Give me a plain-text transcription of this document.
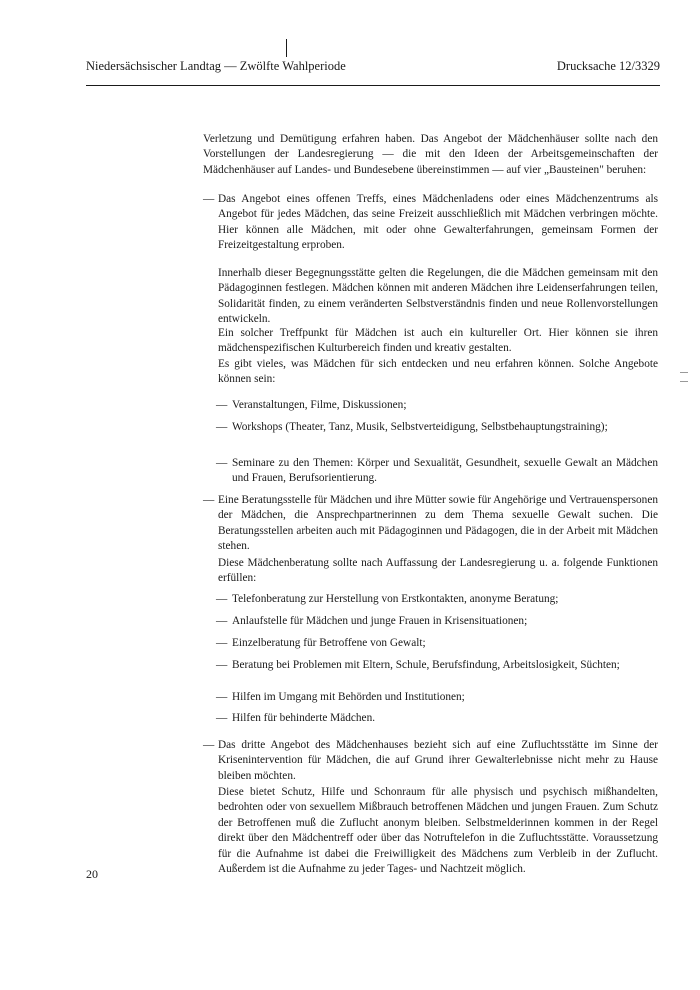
Niedersächsischer Landtag — Zwölfte Wahlperiode	Drucksache 12/3329
Verletzung und Demütigung erfahren haben. Das Angebot der Mädchenhäuser sollte nach den Vorstellungen der Landesregierung — die mit den Ideen der Arbeitsgemeinschaften der Mädchenhäuser auf Landes- und Bundesebene übereinstimmen — auf vier „Bausteinen" beruhen:
— Das Angebot eines offenen Treffs, eines Mädchenladens oder eines Mädchenzentrums als Angebot für jedes Mädchen, das seine Freizeit ausschließlich mit Mädchen verbringen möchte. Hier können alle Mädchen, mit oder ohne Gewalterfahrungen, gemeinsam Formen der Freizeitgestaltung erproben.
Innerhalb dieser Begegnungsstätte gelten die Regelungen, die die Mädchen gemeinsam mit den Pädagoginnen festlegen. Mädchen können mit anderen Mädchen ihre Leidenserfahrungen teilen, Solidarität finden, zu einem veränderten Selbstverständnis finden und neue Rollenvorstellungen entwickeln.
Ein solcher Treffpunkt für Mädchen ist auch ein kultureller Ort. Hier können sie ihren mädchenspezifischen Kulturbereich finden und kreativ gestalten.
Es gibt vieles, was Mädchen für sich entdecken und neu erfahren können. Solche Angebote können sein:
— Veranstaltungen, Filme, Diskussionen;
— Workshops (Theater, Tanz, Musik, Selbstverteidigung, Selbstbehauptungstraining);
— Seminare zu den Themen: Körper und Sexualität, Gesundheit, sexuelle Gewalt an Mädchen und Frauen, Berufsorientierung.
— Eine Beratungsstelle für Mädchen und ihre Mütter sowie für Angehörige und Vertrauenspersonen der Mädchen, die Ansprechpartnerinnen zu dem Thema sexuelle Gewalt suchen. Die Beratungsstellen arbeiten auch mit Pädagoginnen und Pädagogen, die in der Arbeit mit Mädchen stehen.
Diese Mädchenberatung sollte nach Auffassung der Landesregierung u. a. folgende Funktionen erfüllen:
— Telefonberatung zur Herstellung von Erstkontakten, anonyme Beratung;
— Anlaufstelle für Mädchen und junge Frauen in Krisensituationen;
— Einzelberatung für Betroffene von Gewalt;
— Beratung bei Problemen mit Eltern, Schule, Berufsfindung, Arbeitslosigkeit, Süchten;
— Hilfen im Umgang mit Behörden und Institutionen;
— Hilfen für behinderte Mädchen.
— Das dritte Angebot des Mädchenhauses bezieht sich auf eine Zufluchtsstätte im Sinne der Krisenintervention für Mädchen, die auf Grund ihrer Gewalterlebnisse nicht mehr zu Hause bleiben möchten.
Diese bietet Schutz, Hilfe und Schonraum für alle physisch und psychisch mißhandelten, bedrohten oder von sexuellem Mißbrauch betroffenen Mädchen und jungen Frauen. Zum Schutz der Betroffenen muß die Zuflucht anonym bleiben. Selbstmelderinnen kommen in der Regel direkt über den Mädchentreff oder über das Notruftelefon in die Zufluchtsstätte. Voraussetzung für die Aufnahme ist dabei die Freiwilligkeit des Mädchens zum Verbleib in der Zuflucht. Außerdem ist die Aufnahme zu jeder Tages- und Nachtzeit möglich.
20
